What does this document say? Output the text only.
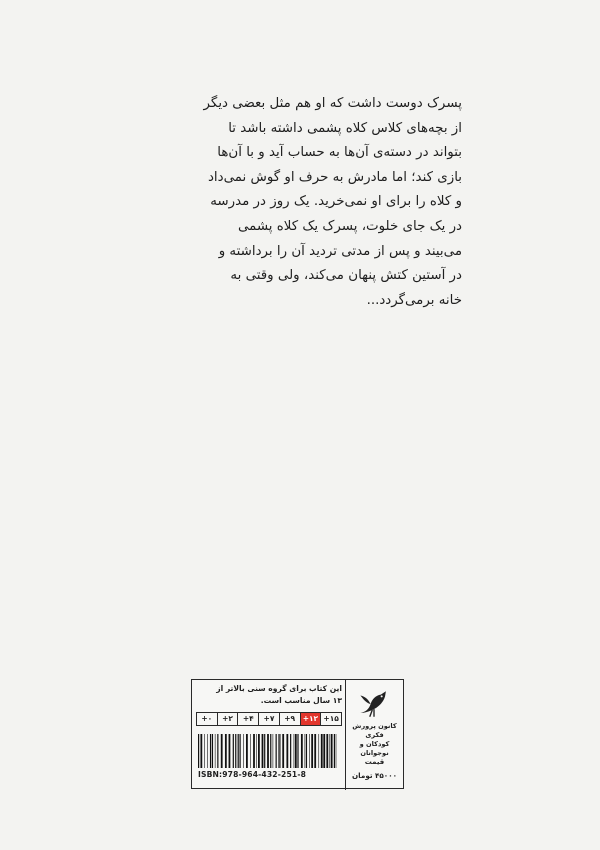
پسرک دوست داشت که او هم مثل بعضی دیگر

از بچه‌های کلاس کلاه پشمی داشته باشد تا

بتواند در دسته‌ی آن‌ها به حساب آید و با آن‌ها

بازی کند؛ اما مادرش به حرف او گوش نمی‌داد

و کلاه را برای او نمی‌خرید. یک روز در مدرسه

در یک جای خلوت، پسرک یک کلاه پشمی

می‌بیند و پس از مدتی تردید آن را برداشته و

در آستین کتش پنهان می‌کند، ولی وقتی به

خانه برمی‌گردد...

کانون پرورش فکری
کودکان و نوجوانان
قیمت
۴۵۰۰۰ تومان
این کتاب برای گروه سنی بالاتر از
۱۳ سال مناسب است.
+۱۵
+۱۲
+۹
+۷
+۴
+۲
+۰
ISBN:978-964-432-251-8
